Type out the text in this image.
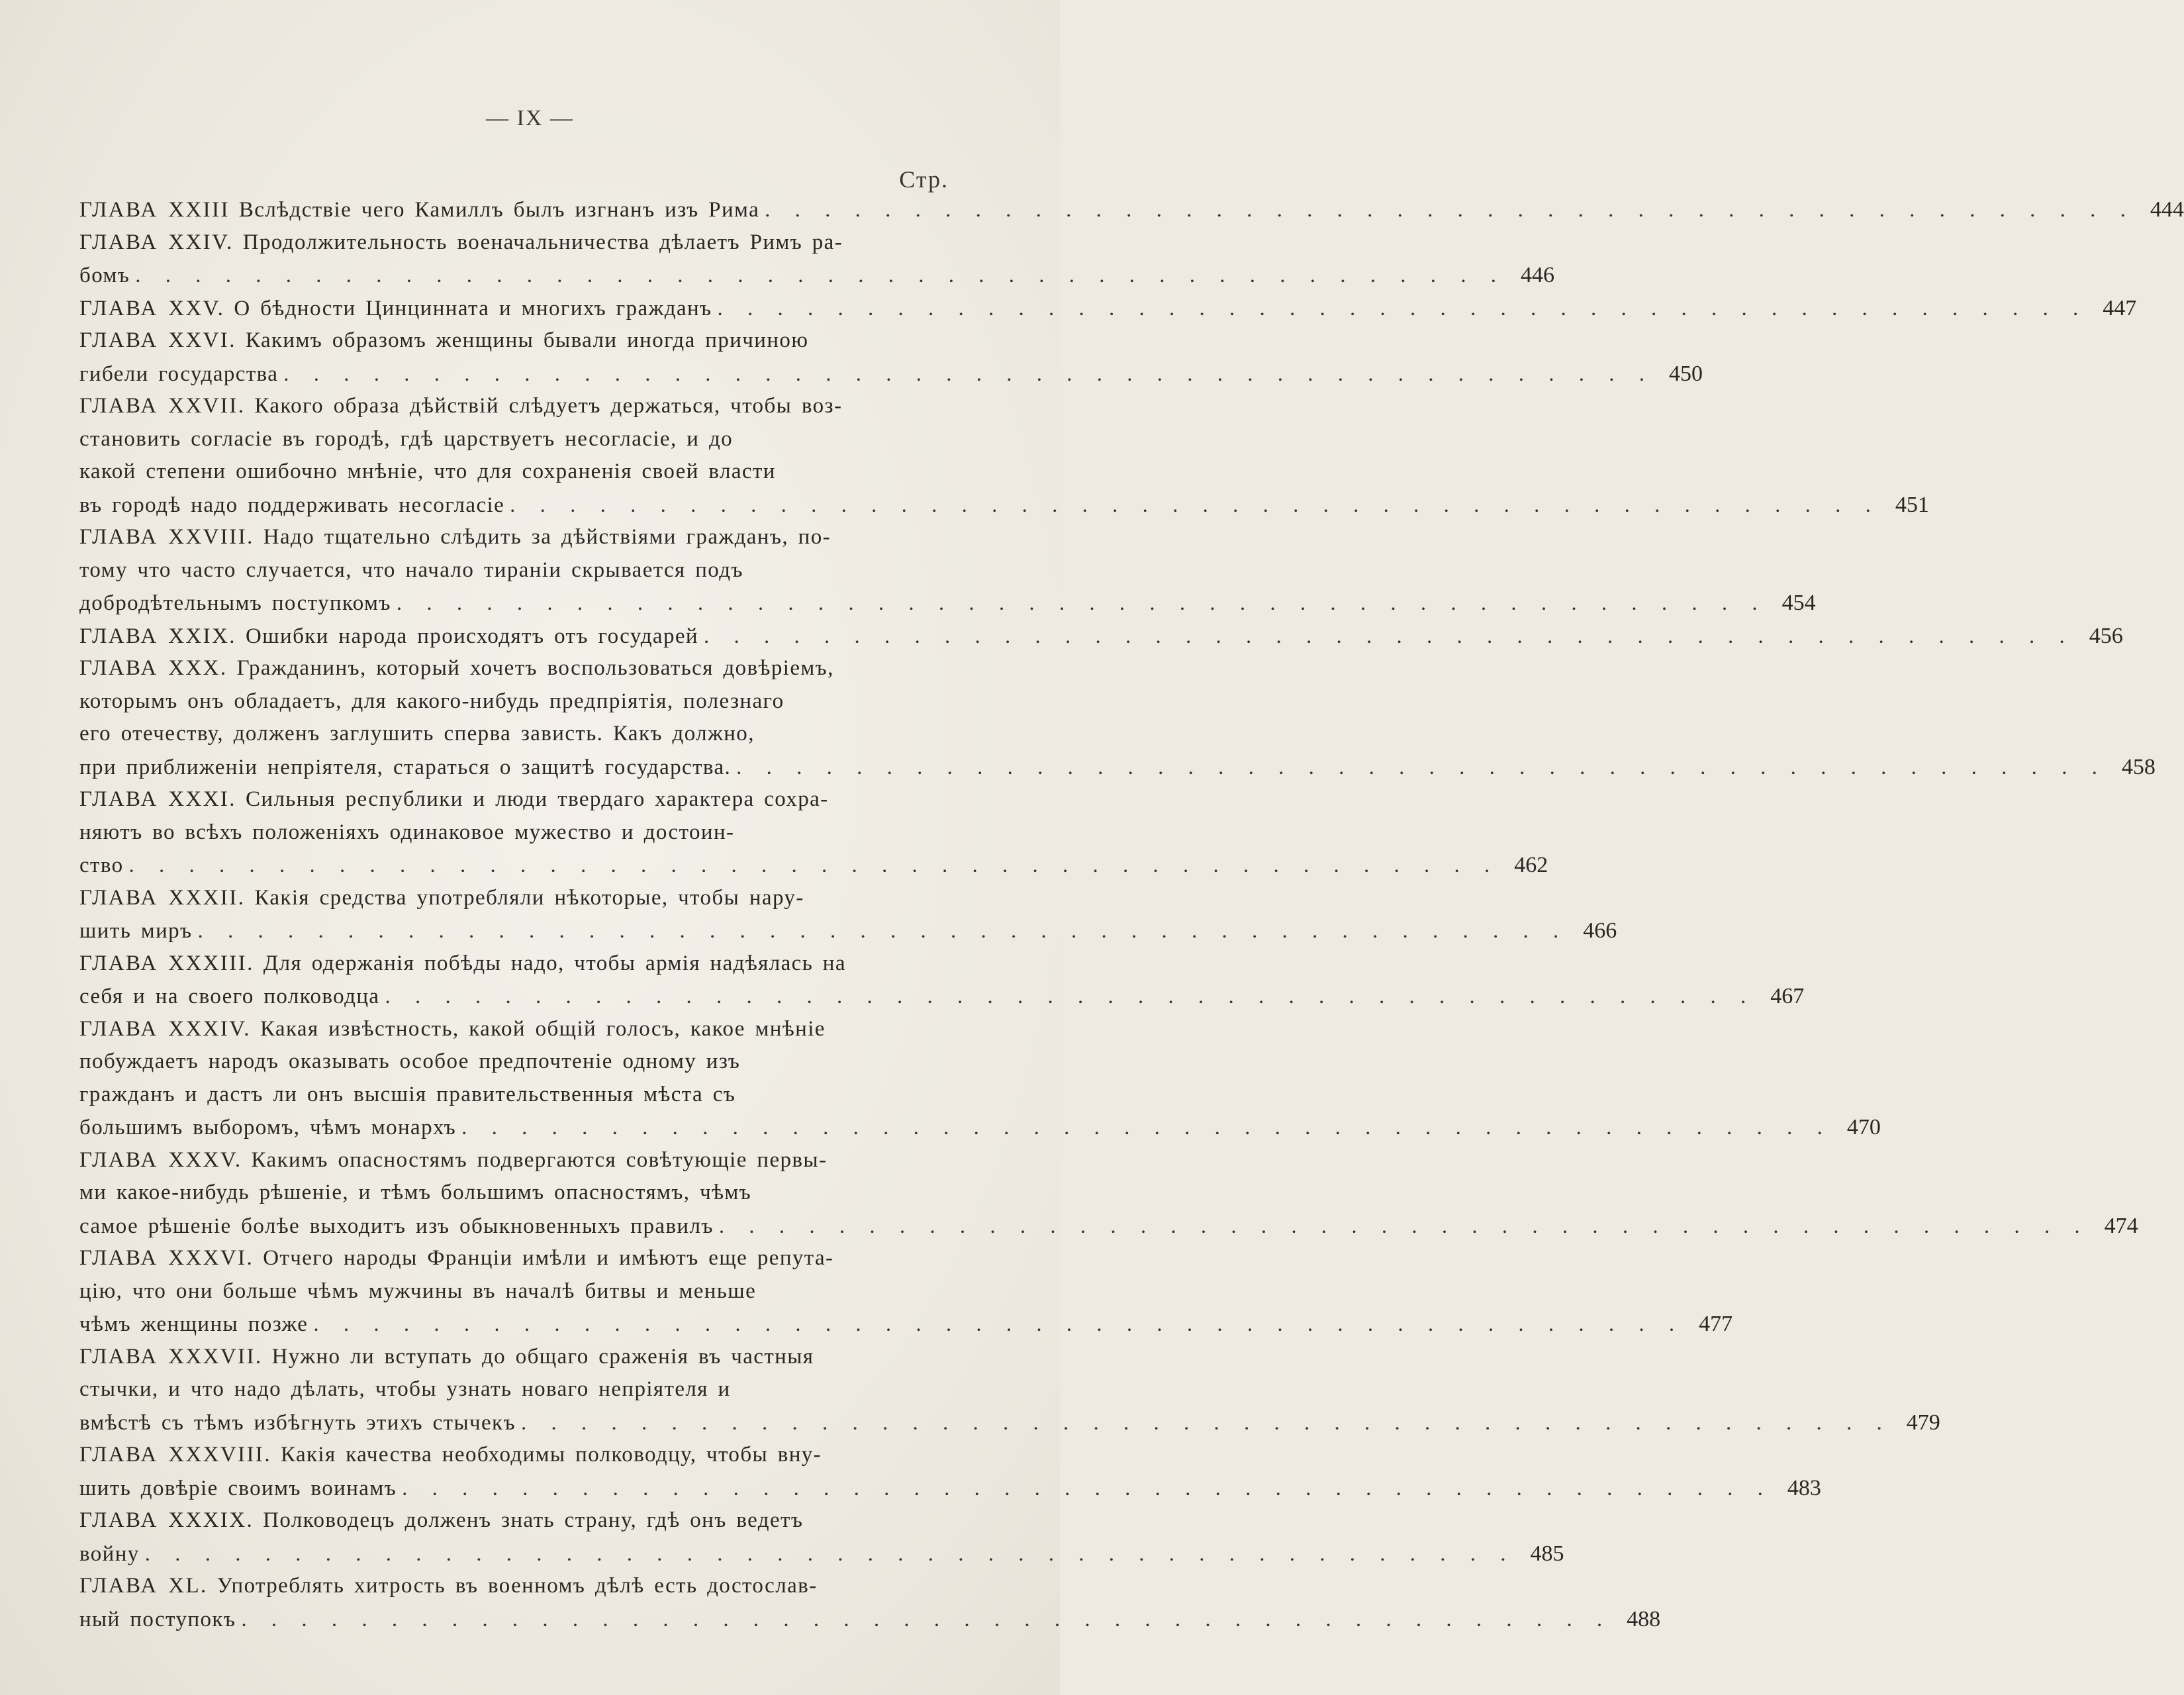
— IX —
Стр.
ГЛАВА XXIII Вслѣдствіе чего Камиллъ былъ изгнанъ изъ Рима . . . . . . . . . . . . . . . . . . . . . . . . . . . . . . . . . . . . . . . . . . . . . . 444
ГЛАВА XXIV. Продолжительность военачальничества дѣлаетъ Римъ ра-
бомъ . . . . . . . . . . . . . . . . . . . . . . . . . . . . . . . . . . . . . . . . . . . . . . 446
ГЛАВА XXV. О бѣдности Цинцинната и многихъ гражданъ . . . . . . . . . . . . . . . . . . . . . . . . . . . . . . . . . . . . . . . . . . . . . . 447
ГЛАВА XXVI. Какимъ образомъ женщины бывали иногда причиною
гибели государства . . . . . . . . . . . . . . . . . . . . . . . . . . . . . . . . . . . . . . . . . . . . . . 450
ГЛАВА XXVII. Какого образа дѣйствій слѣдуетъ держаться, чтобы воз-
становить согласіе въ городѣ, гдѣ царствуетъ несогласіе, и до
какой степени ошибочно мнѣніе, что для сохраненія своей власти
въ городѣ надо поддерживать несогласіе . . . . . . . . . . . . . . . . . . . . . . . . . . . . . . . . . . . . . . . . . . . . . . 451
ГЛАВА XXVIII. Надо тщательно слѣдить за дѣйствіями гражданъ, по-
тому что часто случается, что начало тираніи скрывается подъ
добродѣтельнымъ поступкомъ . . . . . . . . . . . . . . . . . . . . . . . . . . . . . . . . . . . . . . . . . . . . . . 454
ГЛАВА XXIX. Ошибки народа происходятъ отъ государей . . . . . . . . . . . . . . . . . . . . . . . . . . . . . . . . . . . . . . . . . . . . . . 456
ГЛАВА XXX. Гражданинъ, который хочетъ воспользоваться довѣріемъ,
которымъ онъ обладаетъ, для какого-нибудь предпріятія, полезнаго
его отечеству, долженъ заглушить сперва зависть. Какъ должно,
при приближеніи непріятеля, стараться о защитѣ государства. . . . . . . . . . . . . . . . . . . . . . . . . . . . . . . . . . . . . . . . . . . . . . . 458
ГЛАВА XXXI. Сильныя республики и люди твердаго характера сохра-
няютъ во всѣхъ положеніяхъ одинаковое мужество и достоин-
ство . . . . . . . . . . . . . . . . . . . . . . . . . . . . . . . . . . . . . . . . . . . . . . 462
ГЛАВА XXXII. Какія средства употребляли нѣкоторые, чтобы нару-
шить миръ . . . . . . . . . . . . . . . . . . . . . . . . . . . . . . . . . . . . . . . . . . . . . . 466
ГЛАВА XXXIII. Для одержанія побѣды надо, чтобы армія надѣялась на
себя и на своего полководца . . . . . . . . . . . . . . . . . . . . . . . . . . . . . . . . . . . . . . . . . . . . . . 467
ГЛАВА XXXIV. Какая извѣстность, какой общій голосъ, какое мнѣніе
побуждаетъ народъ оказывать особое предпочтеніе одному изъ
гражданъ и дастъ ли онъ высшія правительственныя мѣста съ
большимъ выборомъ, чѣмъ монархъ . . . . . . . . . . . . . . . . . . . . . . . . . . . . . . . . . . . . . . . . . . . . . . 470
ГЛАВА XXXV. Какимъ опасностямъ подвергаются совѣтующіе первы-
ми какое-нибудь рѣшеніе, и тѣмъ большимъ опасностямъ, чѣмъ
самое рѣшеніе болѣе выходитъ изъ обыкновенныхъ правилъ . . . . . . . . . . . . . . . . . . . . . . . . . . . . . . . . . . . . . . . . . . . . . . 474
ГЛАВА XXXVI. Отчего народы Франціи имѣли и имѣютъ еще репута-
цію, что они больше чѣмъ мужчины въ началѣ битвы и меньше
чѣмъ женщины позже . . . . . . . . . . . . . . . . . . . . . . . . . . . . . . . . . . . . . . . . . . . . . . 477
ГЛАВА XXXVII. Нужно ли вступать до общаго сраженія въ частныя
стычки, и что надо дѣлать, чтобы узнать новаго непріятеля и
вмѣстѣ съ тѣмъ избѣгнуть этихъ стычекъ . . . . . . . . . . . . . . . . . . . . . . . . . . . . . . . . . . . . . . . . . . . . . . 479
ГЛАВА XXXVIII. Какія качества необходимы полководцу, чтобы вну-
шить довѣріе своимъ воинамъ . . . . . . . . . . . . . . . . . . . . . . . . . . . . . . . . . . . . . . . . . . . . . . 483
ГЛАВА XXXIX. Полководецъ долженъ знать страну, гдѣ онъ ведетъ
войну . . . . . . . . . . . . . . . . . . . . . . . . . . . . . . . . . . . . . . . . . . . . . . 485
ГЛАВА XL. Употреблять хитрость въ военномъ дѣлѣ есть достослав-
ный поступокъ . . . . . . . . . . . . . . . . . . . . . . . . . . . . . . . . . . . . . . . . . . . . . . 488
